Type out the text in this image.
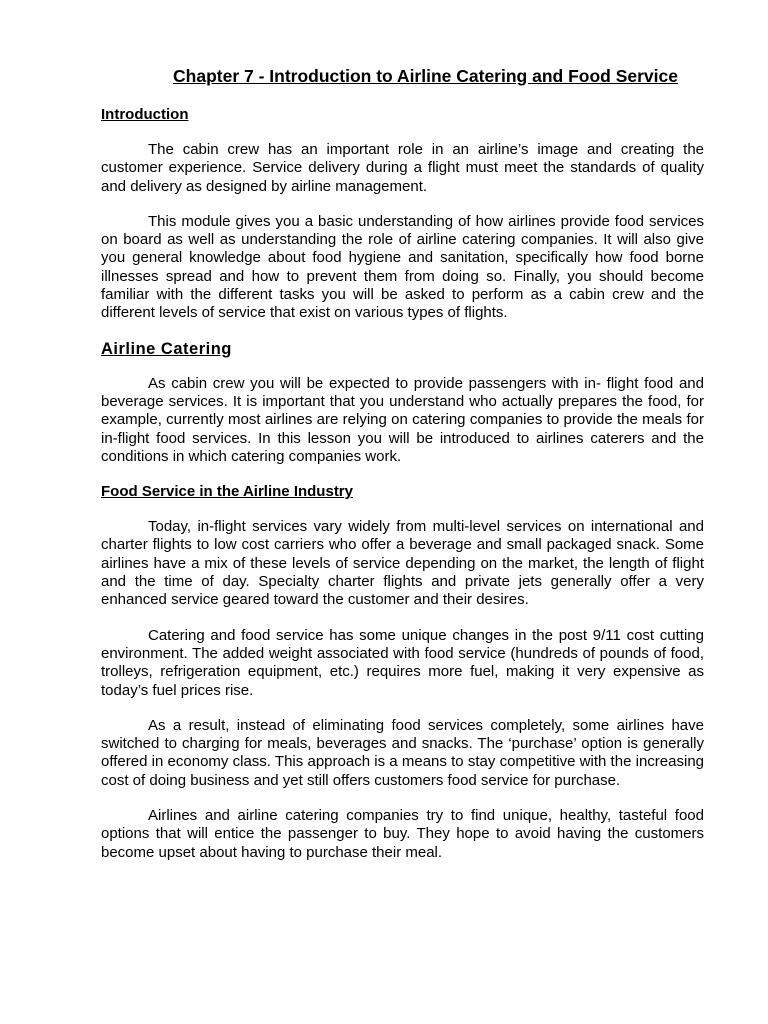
Chapter 7 - Introduction to Airline Catering and Food Service
Introduction

The cabin crew has an important role in an airline’s image and creating the customer experience. Service delivery during a flight must meet the standards of quality and delivery as designed by airline management.

This module gives you a basic understanding of how airlines provide food services on board as well as understanding the role of airline catering companies. It will also give you general knowledge about food hygiene and sanitation, specifically how food borne illnesses spread and how to prevent them from doing so. Finally, you should become familiar with the different tasks you will be asked to perform as a cabin crew and the different levels of service that exist on various types of flights.

Airline Catering

As cabin crew you will be expected to provide passengers with in- flight food and beverage services. It is important that you understand who actually prepares the food, for example, currently most airlines are relying on catering companies to provide the meals for in-flight food services. In this lesson you will be introduced to airlines caterers and the conditions in which catering companies work.

Food Service in the Airline Industry

Today, in-flight services vary widely from multi-level services on international and charter flights to low cost carriers who offer a beverage and small packaged snack. Some airlines have a mix of these levels of service depending on the market, the length of flight and the time of day. Specialty charter flights and private jets generally offer a very enhanced service geared toward the customer and their desires.

Catering and food service has some unique changes in the post 9/11 cost cutting environment. The added weight associated with food service (hundreds of pounds of food, trolleys, refrigeration equipment, etc.) requires more fuel, making it very expensive as today’s fuel prices rise.

As a result, instead of eliminating food services completely, some airlines have switched to charging for meals, beverages and snacks. The ‘purchase’ option is generally offered in economy class. This approach is a means to stay competitive with the increasing cost of doing business and yet still offers customers food service for purchase.

Airlines and airline catering companies try to find unique, healthy, tasteful food options that will entice the passenger to buy. They hope to avoid having the customers become upset about having to purchase their meal.
